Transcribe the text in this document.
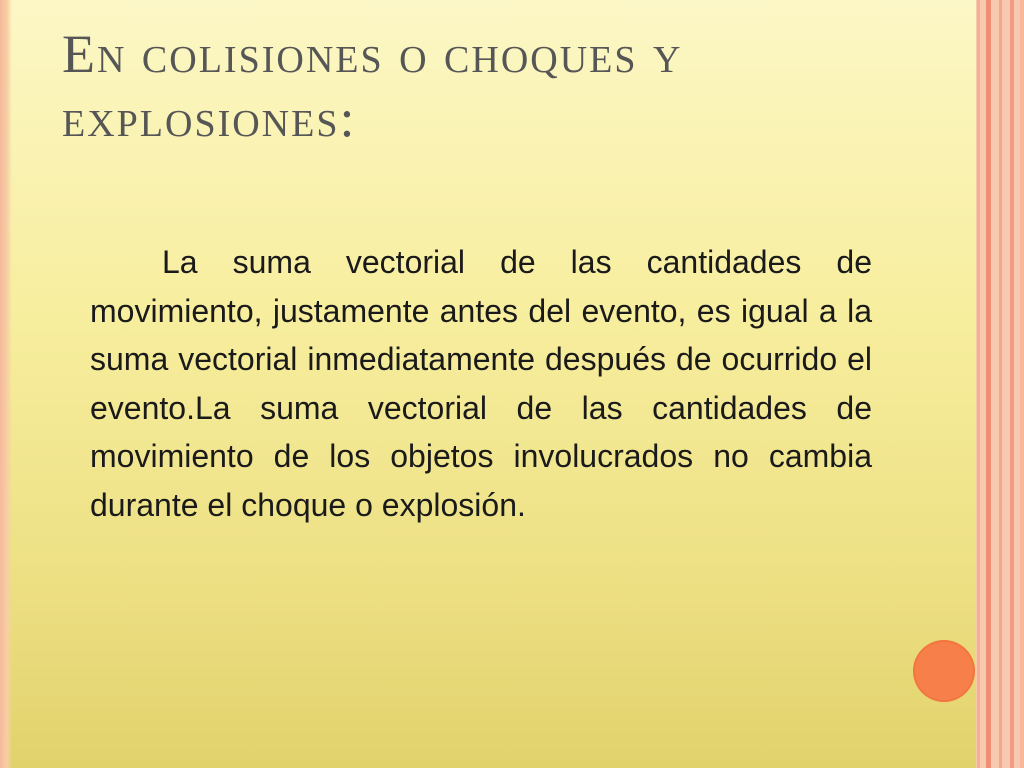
En colisiones o choques y explosiones:

La suma vectorial de las cantidades de movimiento, justamente antes del evento, es igual a la suma vectorial inmediatamente después de ocurrido el evento.La suma vectorial de las cantidades de movimiento de los objetos involucrados no cambia durante el choque o explosión.
